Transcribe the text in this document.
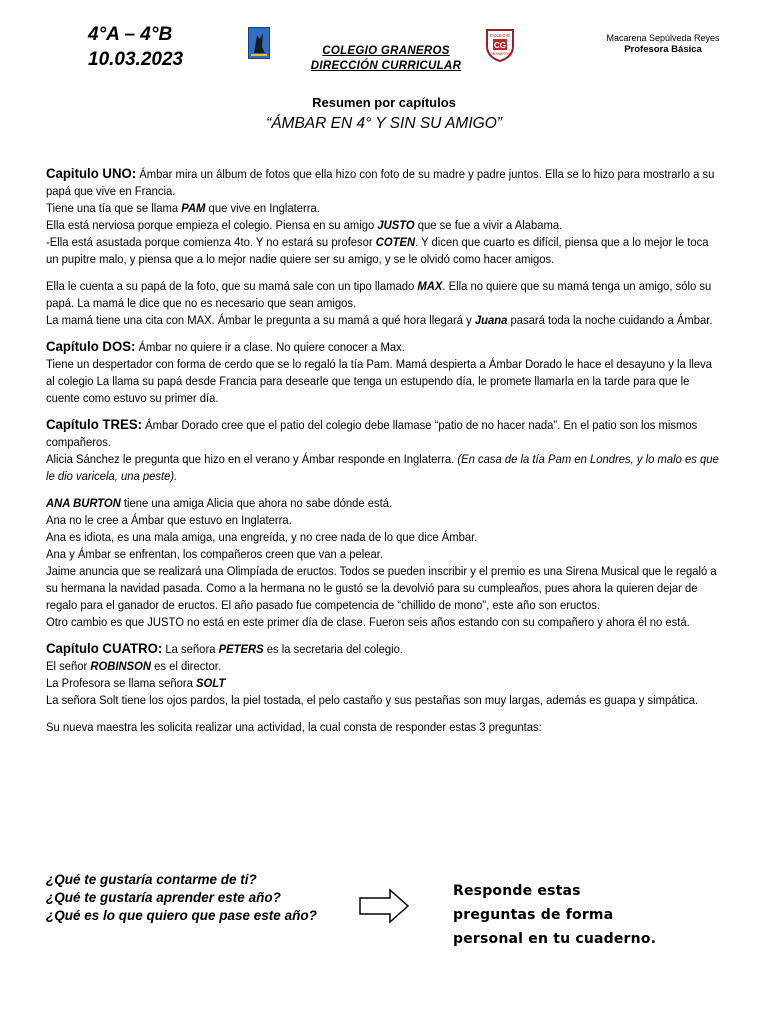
4°A – 4°B
10.03.2023	COLEGIO GRANEROS
DIRECCIÓN CURRICULAR
COLEGIO
CG
GRANEROS
Macarena Sepúlveda Reyes
Profesora Básica
Resumen por capítulos
“ÁMBAR EN 4° Y SIN SU AMIGO”

Capitulo UNO: Ámbar mira un álbum de fotos que ella hizo con foto de su madre y padre juntos. Ella se lo hizo para mostrarlo a su papá que vive en Francia.

Tiene una tía que se llama PAM que vive en Inglaterra.

Ella está nerviosa porque empieza el colegio. Piensa en su amigo JUSTO que se fue a vivir a Alabama.

-Ella está asustada porque comienza 4to. Y no estará su profesor COTEN. Y dicen que cuarto es difícil, piensa que a lo mejor le toca un pupitre malo, y piensa que a lo mejor nadie quiere ser su amigo, y se le olvidó como hacer amigos.

Ella le cuenta a su papá de la foto, que su mamá sale con un tipo llamado MAX. Ella no quiere que su mamá tenga un amigo, sólo su papá. La mamá le dice que no es necesario que sean amigos.

La mamá tiene una cita con MAX. Ámbar le pregunta a su mamá a qué hora llegará y Juana pasará toda la noche cuidando a Ámbar.

Capítulo DOS: Ámbar no quiere ir a clase. No quiere conocer a Max.

Tiene un despertador con forma de cerdo que se lo regaló la tía Pam. Mamá despierta a Ámbar Dorado le hace el desayuno y la lleva al colegio La llama su papá desde Francia para desearle que tenga un estupendo día, le promete llamarla en la tarde para que le cuente como estuvo su primer día.

Capítulo TRES: Ámbar Dorado cree que el patio del colegio debe llamase “patio de no hacer nada”. En el patio son los mismos compañeros.

Alicia Sánchez le pregunta que hizo en el verano y Ámbar responde en Inglaterra. (En casa de la tía Pam en Londres, y lo malo es que le dio varicela, una peste).

ANA BURTON tiene una amiga Alicia que ahora no sabe dónde está.

Ana no le cree a Ámbar que estuvo en Inglaterra.

Ana es idiota, es una mala amiga, una engreída, y no cree nada de lo que dice Ámbar.

Ana y Ámbar se enfrentan, los compañeros creen que van a pelear.

Jaime anuncia que se realizará una Olimpíada de eructos. Todos se pueden inscribir y el premio es una Sirena Musical que le regaló a su hermana la navidad pasada. Como a la hermana no le gustó se la devolvió para su cumpleaños, pues ahora la quieren dejar de regalo para el ganador de eructos. El año pasado fue competencia de “chillido de mono”, este año son eructos.

Otro cambio es que JUSTO no está en este primer día de clase. Fueron seis años estando con su compañero y ahora él no está.

Capítulo CUATRO: La señora PETERS es la secretaria del colegio.

El señor ROBINSON es el director.

La Profesora se llama señora SOLT

La señora Solt tiene los ojos pardos, la piel tostada, el pelo castaño y sus pestañas son muy largas, además es guapa y simpática.

Su nueva maestra les solicita realizar una actividad, la cual consta de responder estas 3 preguntas:

¿Qué te gustaría contarme de ti?
¿Qué te gustaría aprender este año?
¿Qué es lo que quiero que pase este año?
Responde estas
preguntas de forma
personal en tu cuaderno.
